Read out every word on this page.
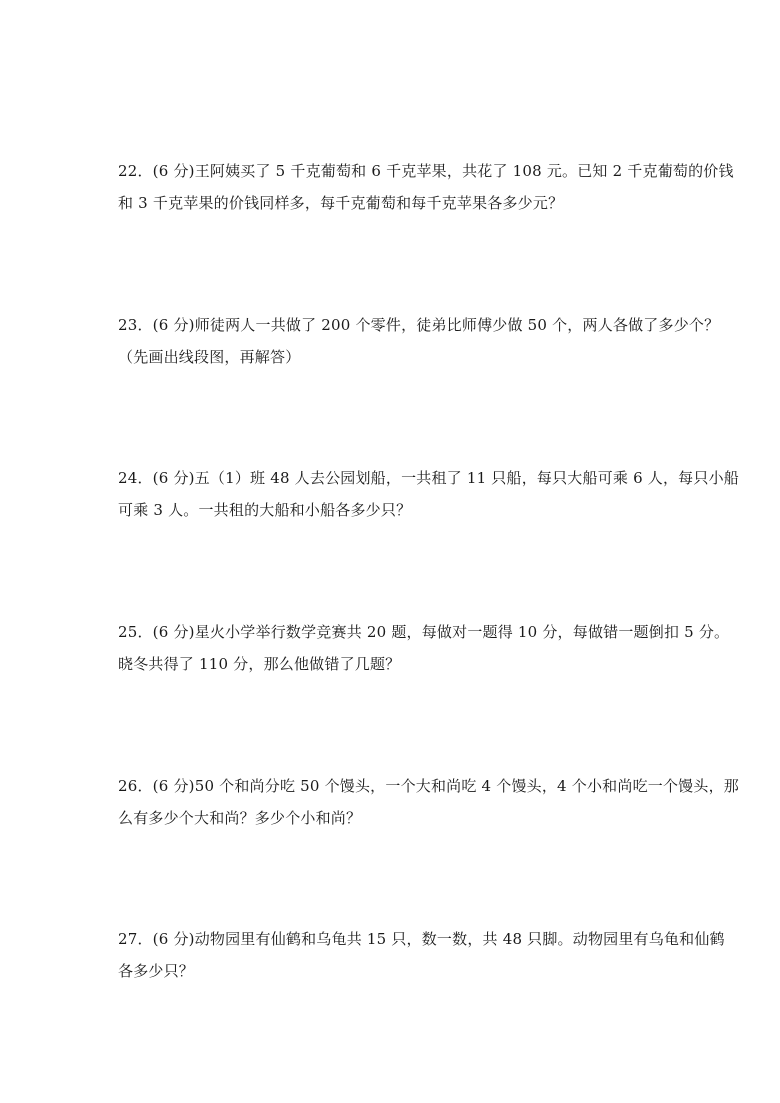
22．(6 分)王阿姨买了 5 千克葡萄和 6 千克苹果，共花了 108 元。已知 2 千克葡萄的价钱
和 3 千克苹果的价钱同样多，每千克葡萄和每千克苹果各多少元？
23．(6 分)师徒两人一共做了 200 个零件，徒弟比师傅少做 50 个，两人各做了多少个？
（先画出线段图，再解答）
24．(6 分)五（1）班 48 人去公园划船，一共租了 11 只船，每只大船可乘 6 人，每只小船
可乘 3 人。一共租的大船和小船各多少只？
25．(6 分)星火小学举行数学竞赛共 20 题，每做对一题得 10 分，每做错一题倒扣 5 分。
晓冬共得了 110 分，那么他做错了几题？
26．(6 分)50 个和尚分吃 50 个馒头，一个大和尚吃 4 个馒头，4 个小和尚吃一个馒头，那
么有多少个大和尚？多少个小和尚？
27．(6 分)动物园里有仙鹤和乌龟共 15 只，数一数，共 48 只脚。动物园里有乌龟和仙鹤
各多少只？
